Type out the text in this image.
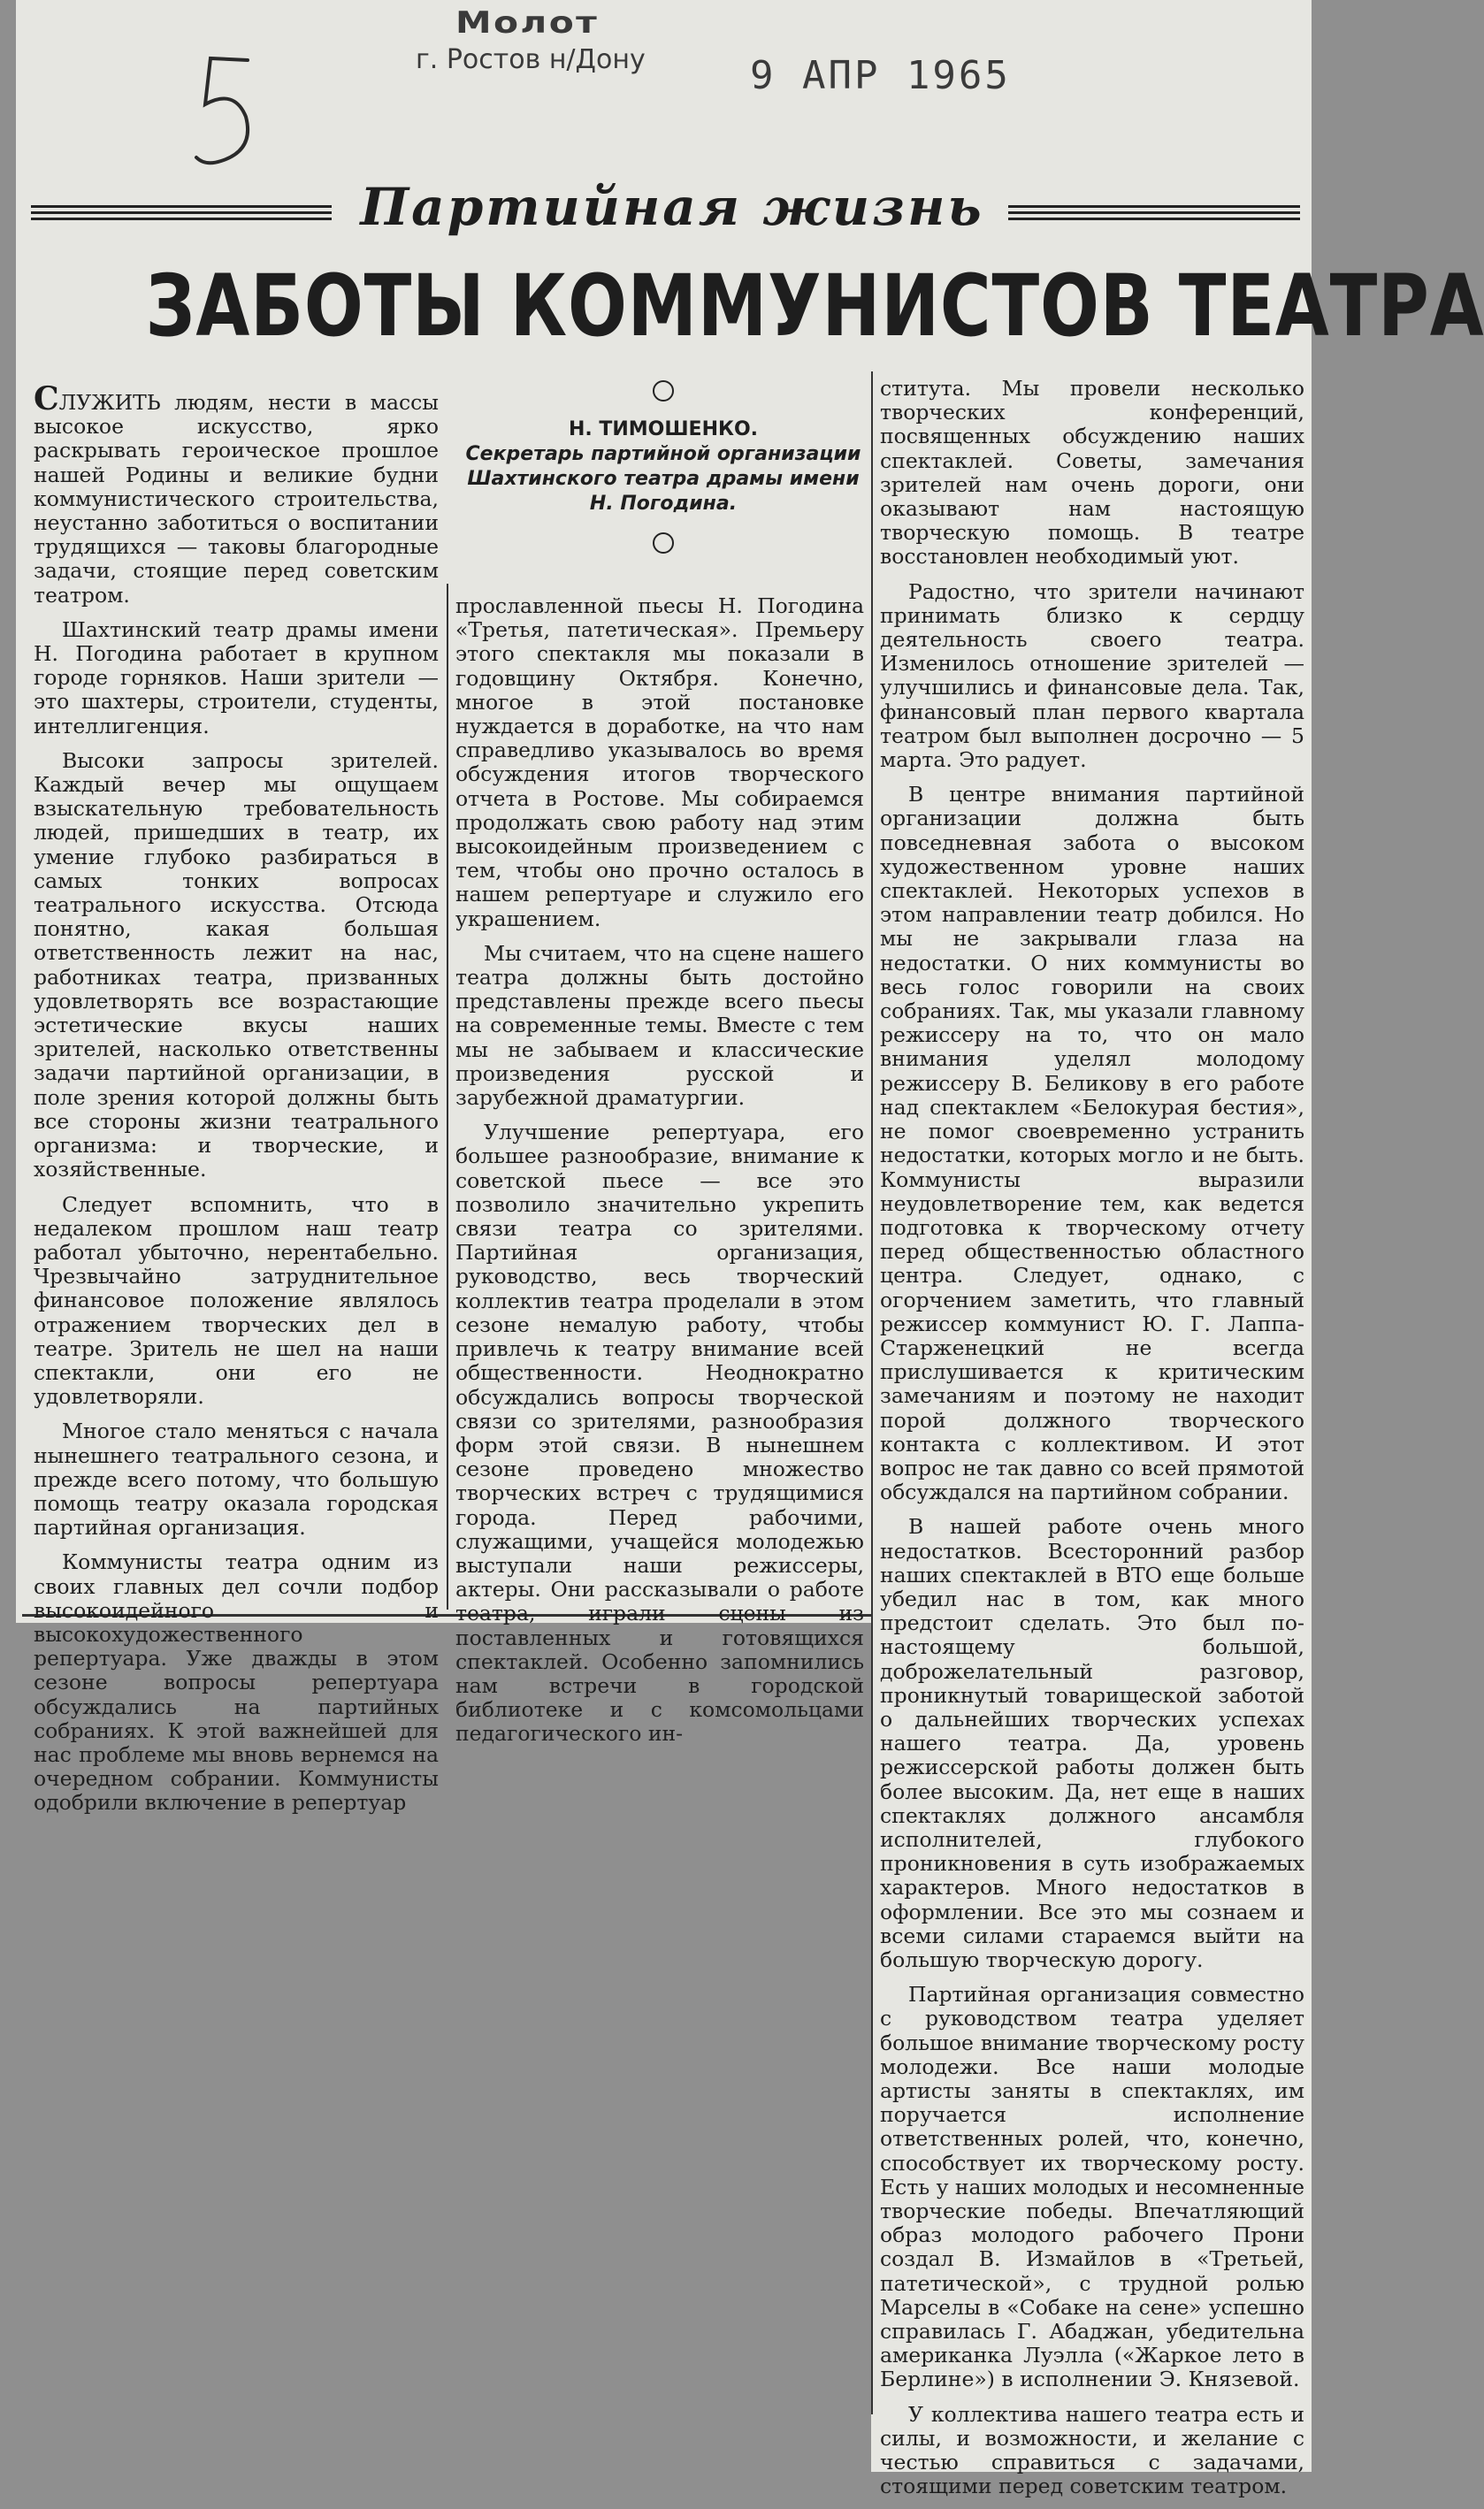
Молот
г. Ростов н/Дону	9 АПР 1965
Партийная жизнь
ЗАБОТЫ КОММУНИСТОВ ТЕАТРА
Н. ТИМОШЕНКО.
Секретарь партийной организации Шахтинского театра драмы имени Н. Погодина.

СЛУЖИТЬ людям, нести в массы высокое искусство, ярко раскрывать героическое прошлое нашей Родины и великие будни коммунистического строительства, неустанно заботиться о воспитании трудящихся — таковы благородные задачи, стоящие перед советским театром.

Шахтинский театр драмы имени Н. Погодина работает в крупном городе горняков. Наши зрители — это шахтеры, строители, студенты, интеллигенция.

Высоки запросы зрителей. Каждый вечер мы ощущаем взыскательную требовательность людей, пришедших в театр, их умение глубоко разбираться в самых тонких вопросах театрального искусства. Отсюда понятно, какая большая ответственность лежит на нас, работниках театра, призванных удовлетворять все возрастающие эстетические вкусы наших зрителей, насколько ответственны задачи партийной организации, в поле зрения которой должны быть все стороны жизни театрального организма: и творческие, и хозяйственные.

Следует вспомнить, что в недалеком прошлом наш театр работал убыточно, нерентабельно. Чрезвычайно затруднительное финансовое положение являлось отражением творческих дел в театре. Зритель не шел на наши спектакли, они его не удовлетворяли.

Многое стало меняться с начала нынешнего театрального сезона, и прежде всего потому, что большую помощь театру оказала городская партийная организация.

Коммунисты театра одним из своих главных дел сочли подбор высокоидейного и высокохудожественного репертуара. Уже дважды в этом сезоне вопросы репертуара обсуждались на партийных собраниях. К этой важнейшей для нас проблеме мы вновь вернемся на очередном собрании. Коммунисты одобрили включение в репертуар

прославленной пьесы Н. Погодина «Третья, патетическая». Премьеру этого спектакля мы показали в годовщину Октября. Конечно, многое в этой постановке нуждается в доработке, на что нам справедливо указывалось во время обсуждения итогов творческого отчета в Ростове. Мы собираемся продолжать свою работу над этим высокоидейным произведением с тем, чтобы оно прочно осталось в нашем репертуаре и служило его украшением.

Мы считаем, что на сцене нашего театра должны быть достойно представлены прежде всего пьесы на современные темы. Вместе с тем мы не забываем и классические произведения русской и зарубежной драматургии.

Улучшение репертуара, его большее разнообразие, внимание к советской пьесе — все это позволило значительно укрепить связи театра со зрителями. Партийная организация, руководство, весь творческий коллектив театра проделали в этом сезоне немалую работу, чтобы привлечь к театру внимание всей общественности. Неоднократно обсуждались вопросы творческой связи со зрителями, разнообразия форм этой связи. В нынешнем сезоне проведено множество творческих встреч с трудящимися города. Перед рабочими, служащими, учащейся молодежью выступали наши режиссеры, актеры. Они рассказывали о работе театра, играли сцены из поставленных и готовящихся спектаклей. Особенно запомнились нам встречи в городской библиотеке и с комсомольцами педагогического ин-

ститута. Мы провели несколько творческих конференций, посвященных обсуждению наших спектаклей. Советы, замечания зрителей нам очень дороги, они оказывают нам настоящую творческую помощь. В театре восстановлен необходимый уют.

Радостно, что зрители начинают принимать близко к сердцу деятельность своего театра. Изменилось отношение зрителей — улучшились и финансовые дела. Так, финансовый план первого квартала театром был выполнен досрочно — 5 марта. Это радует.

В центре внимания партийной организации должна быть повседневная забота о высоком художественном уровне наших спектаклей. Некоторых успехов в этом направлении театр добился. Но мы не закрывали глаза на недостатки. О них коммунисты во весь голос говорили на своих собраниях. Так, мы указали главному режиссеру на то, что он мало внимания уделял молодому режиссеру В. Беликову в его работе над спектаклем «Белокурая бестия», не помог своевременно устранить недостатки, которых могло и не быть. Коммунисты выразили неудовлетворение тем, как ведется подготовка к творческому отчету перед общественностью областного центра. Следует, однако, с огорчением заметить, что главный режиссер коммунист Ю. Г. Лаппа-Старженецкий не всегда прислушивается к критическим замечаниям и поэтому не находит порой должного творческого контакта с коллективом. И этот вопрос не так давно со всей прямотой обсуждался на партийном собрании.

В нашей работе очень много недостатков. Всесторонний разбор наших спектаклей в ВТО еще больше убедил нас в том, как много предстоит сделать. Это был по-настоящему большой, доброжелательный разговор, проникнутый товарищеской заботой о дальнейших творческих успехах нашего театра. Да, уровень режиссерской работы должен быть более высоким. Да, нет еще в наших спектаклях должного ансамбля исполнителей, глубокого проникновения в суть изображаемых характеров. Много недостатков в оформлении. Все это мы сознаем и всеми силами стараемся выйти на большую творческую дорогу.

Партийная организация совместно с руководством театра уделяет большое внимание творческому росту молодежи. Все наши молодые артисты заняты в спектаклях, им поручается исполнение ответственных ролей, что, конечно, способствует их творческому росту. Есть у наших молодых и несомненные творческие победы. Впечатляющий образ молодого рабочего Прони создал В. Измайлов в «Третьей, патетической», с трудной ролью Марселы в «Собаке на сене» успешно справилась Г. Абаджан, убедительна американка Луэлла («Жаркое лето в Берлине») в исполнении Э. Князевой.

У коллектива нашего театра есть и силы, и возможности, и желание с честью справиться с задачами, стоящими перед советским театром.
